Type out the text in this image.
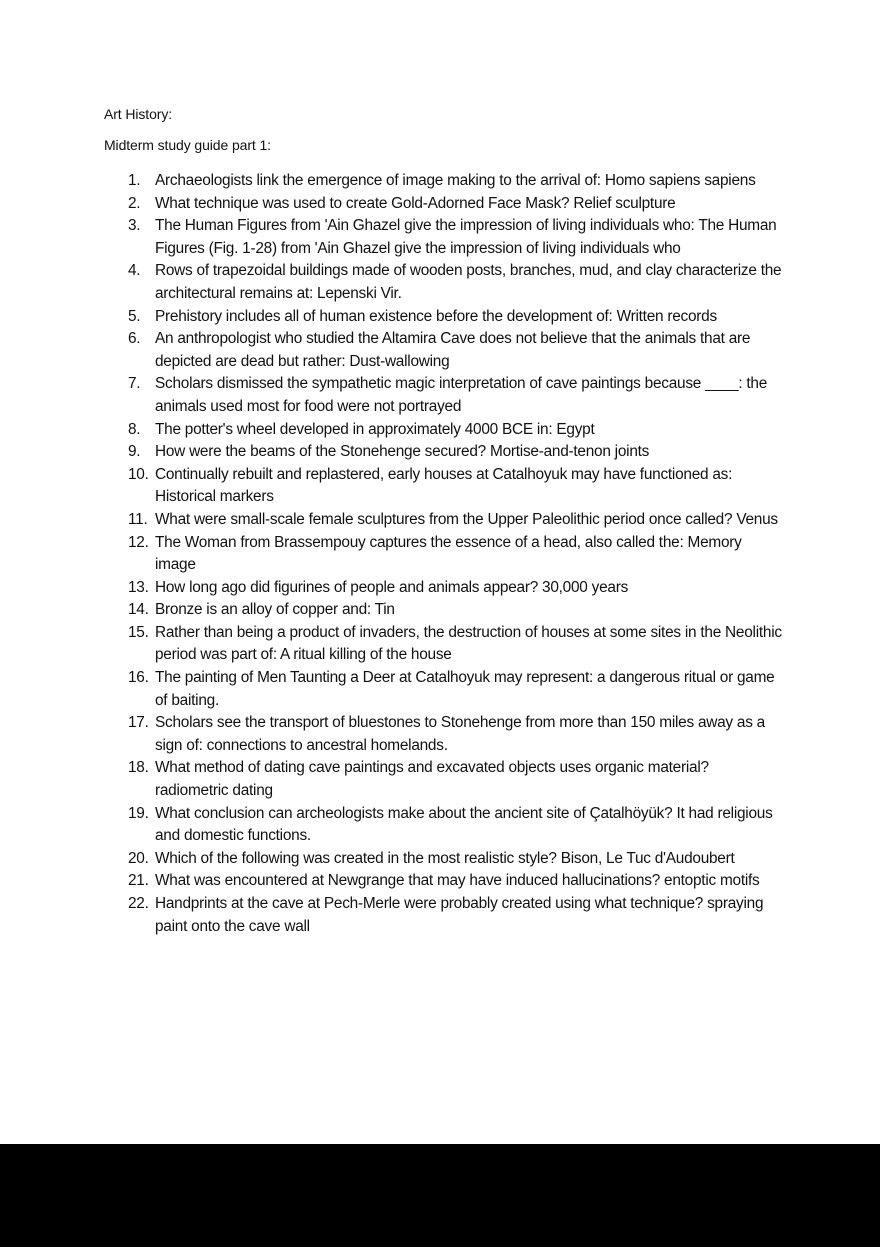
Art History:
Midterm study guide part 1:
1. Archaeologists link the emergence of image making to the arrival of: Homo sapiens sapiens
2. What technique was used to create Gold-Adorned Face Mask? Relief sculpture
3. The Human Figures from 'Ain Ghazel give the impression of living individuals who: The Human Figures (Fig. 1-28) from 'Ain Ghazel give the impression of living individuals who
4. Rows of trapezoidal buildings made of wooden posts, branches, mud, and clay characterize the architectural remains at: Lepenski Vir.
5. Prehistory includes all of human existence before the development of: Written records
6. An anthropologist who studied the Altamira Cave does not believe that the animals that are depicted are dead but rather: Dust-wallowing
7. Scholars dismissed the sympathetic magic interpretation of cave paintings because ____: the animals used most for food were not portrayed
8. The potter's wheel developed in approximately 4000 BCE in: Egypt
9. How were the beams of the Stonehenge secured? Mortise-and-tenon joints
10. Continually rebuilt and replastered, early houses at Catalhoyuk may have functioned as: Historical markers
11. What were small-scale female sculptures from the Upper Paleolithic period once called? Venus
12. The Woman from Brassempouy captures the essence of a head, also called the: Memory image
13. How long ago did figurines of people and animals appear? 30,000 years
14. Bronze is an alloy of copper and: Tin
15. Rather than being a product of invaders, the destruction of houses at some sites in the Neolithic period was part of: A ritual killing of the house
16. The painting of Men Taunting a Deer at Catalhoyuk may represent: a dangerous ritual or game of baiting.
17. Scholars see the transport of bluestones to Stonehenge from more than 150 miles away as a sign of: connections to ancestral homelands.
18. What method of dating cave paintings and excavated objects uses organic material? radiometric dating
19. What conclusion can archeologists make about the ancient site of Çatalhöyük? It had religious and domestic functions.
20. Which of the following was created in the most realistic style? Bison, Le Tuc d'Audoubert
21. What was encountered at Newgrange that may have induced hallucinations? entoptic motifs
22. Handprints at the cave at Pech-Merle were probably created using what technique? spraying paint onto the cave wall
